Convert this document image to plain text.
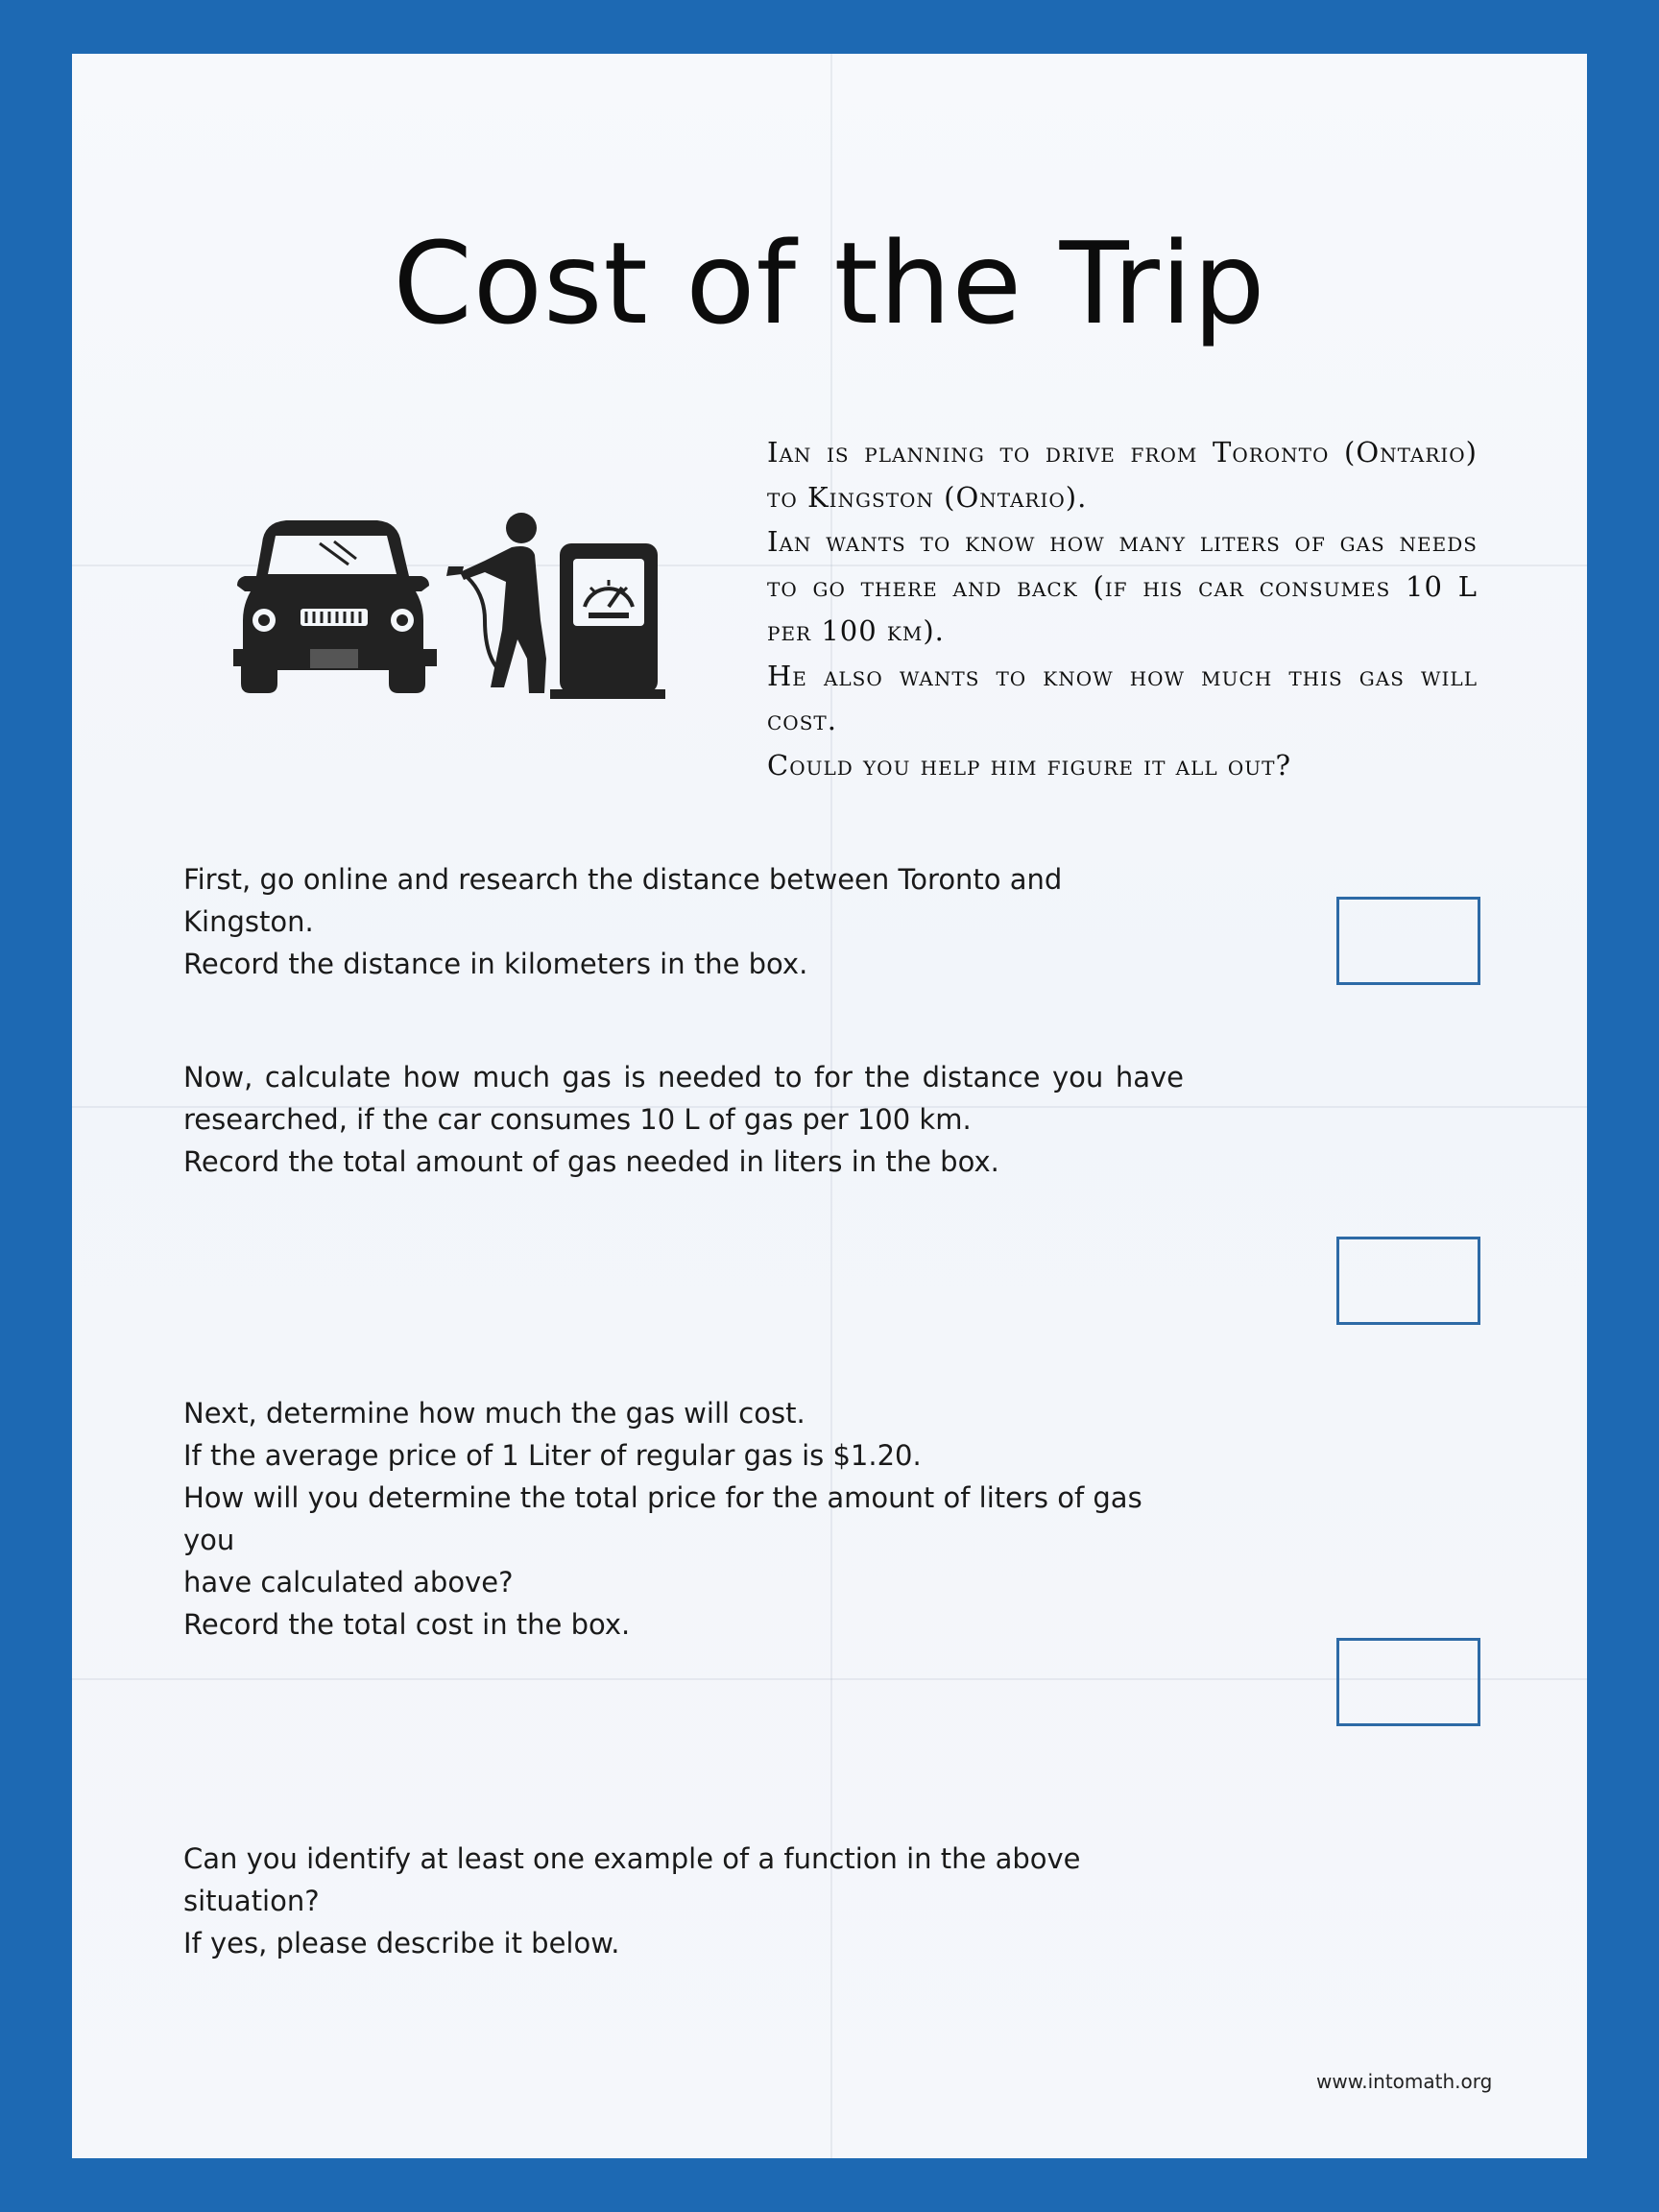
Cost of the Trip

Ian is planning to drive from Toronto (Ontario) to Kingston (Ontario).

Ian wants to know how many liters of gas needs to go there and back (if his car consumes 10 L per 100 km).

He also wants to know how much this gas will cost.

Could you help him figure it all out?

First, go online and research the distance between Toronto and Kingston.

Record the distance in kilometers in the box.

Now, calculate how much gas is needed to for the distance you have

researched, if the car consumes 10 L of gas per 100 km.

Record the total amount of gas needed in liters in the box.

Next, determine how much the gas will cost.

If the average price of 1 Liter of regular gas is $1.20.

How will you determine the total price for the amount of liters of gas you

have calculated above?

Record the total cost in the box.

Can you identify at least one example of a function in the above situation?

If yes, please describe it below.

www.intomath.org
